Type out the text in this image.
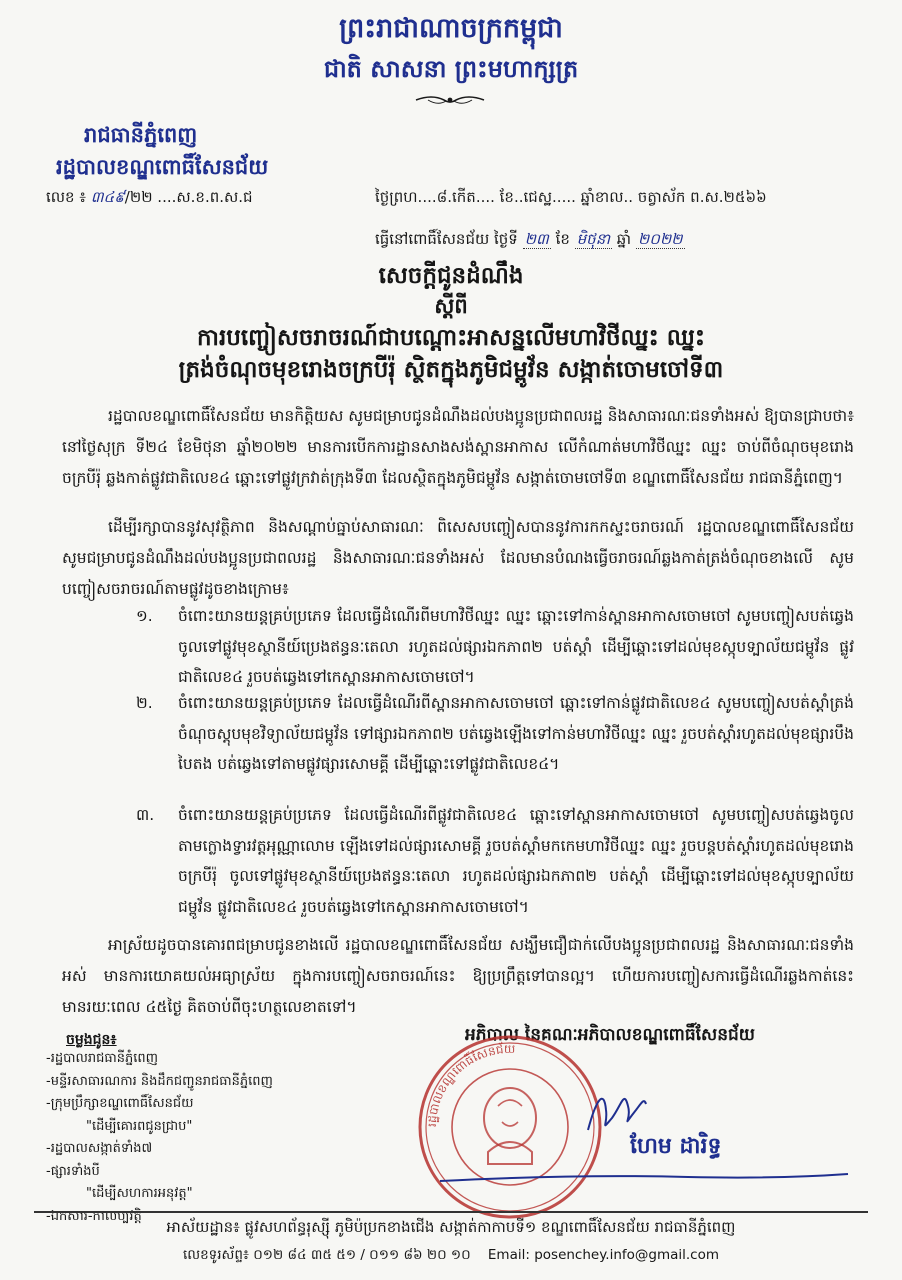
ព្រះរាជាណាចក្រកម្ពុជា
ជាតិ សាសនា ព្រះមហាក្សត្រ
រាជធានីភ្នំពេញ
រដ្ឋបាលខណ្ឌពោធិ៍សែនជ័យ
លេខ ៖ ៣៤៩/២២ ....ស.ខ.ព.ស.ជ	ថ្ងៃព្រហ....៨.កើត.... ខែ..ជេស្ឋ..... ឆ្នាំខាល.. ចត្វាស័ក ព.ស.២៥៦៦
ធ្វើនៅពោធិ៍សែនជ័យ ថ្ងៃទី ២៣ ខែ មិថុនា ឆ្នាំ ២០២២
សេចក្តីជូនដំណឹង
ស្តីពី
ការបញ្ចៀសចរាចរណ៍ជាបណ្តោះអាសន្នលើមហាវិថីឈ្នះ ឈ្នះ
ត្រង់ចំណុចមុខរោងចក្របីរ៉ុ ស្ថិតក្នុងភូមិជម្ពូវ័ន សង្កាត់ចោមចៅទី៣
រដ្ឋបាលខណ្ឌពោធិ៍សែនជ័យ មានកិត្តិយស សូមជម្រាបជូនដំណឹងដល់បងប្អូនប្រជាពលរដ្ឋ និងសាធារណៈជនទាំងអស់ ឱ្យបានជ្រាបថា៖ នៅថ្ងៃសុក្រ ទី២៤ ខែមិថុនា ឆ្នាំ២០២២ មានការបើកការដ្ឋានសាងសង់ស្ពានអាកាស លើកំណាត់មហាវិថីឈ្នះ ឈ្នះ ចាប់ពីចំណុចមុខរោងចក្របីរ៉ុ ឆ្លងកាត់ផ្លូវជាតិលេខ៤ ឆ្ពោះទៅផ្លូវក្រវាត់ក្រុងទី៣ ដែលស្ថិតក្នុងភូមិជម្ពូវ័ន សង្កាត់ចោមចៅទី៣ ខណ្ឌពោធិ៍សែនជ័យ រាជធានីភ្នំពេញ។
ដើម្បីរក្សាបាននូវសុវត្ថិភាព និងសណ្តាប់ធ្នាប់សាធារណៈ ពិសេសបញ្ចៀសបាននូវការកកស្ទះចរាចរណ៍ រដ្ឋបាលខណ្ឌពោធិ៍សែនជ័យ សូមជម្រាបជូនដំណឹងដល់បងប្អូនប្រជាពលរដ្ឋ និងសាធារណៈជនទាំងអស់ ដែលមានបំណងធ្វើចរាចរណ៍ឆ្លងកាត់ត្រង់ចំណុចខាងលើ សូមបញ្ចៀសចរាចរណ៍តាមផ្លូវដូចខាងក្រោម៖
១. ចំពោះយានយន្តគ្រប់ប្រភេទ ដែលធ្វើដំណើរពីមហាវិថីឈ្នះ ឈ្នះ ឆ្ពោះទៅកាន់ស្ពានអាកាសចោមចៅ សូមបញ្ចៀសបត់ឆ្វេង ចូលទៅផ្លូវមុខស្ថានីយ៍ប្រេងឥន្ធនៈតេលា រហូតដល់ផ្សារឯកភាព២ បត់ស្តាំ ដើម្បីឆ្ពោះទៅដល់មុខស្កុបទ្បាល័យជម្ពូវ័ន ផ្លូវជាតិលេខ៤ រួចបត់ឆ្វេងទៅកេស្ពានអាកាសចោមចៅ។
២. ចំពោះយានយន្តគ្រប់ប្រភេទ ដែលធ្វើដំណើរពីស្ពានអាកាសចោមចៅ ឆ្ពោះទៅកាន់ផ្លូវជាតិលេខ៤ សូមបញ្ចៀសបត់ស្តាំត្រង់ចំណុចស្តុបមុខវិទ្យាល័យជម្ពូវ័ន ទៅផ្សារឯកភាព២ បត់ឆ្វេងឡើងទៅកាន់មហាវិថីឈ្នះ ឈ្នះ រួចបត់ស្តាំរហូតដល់មុខផ្សារបឹងបៃតង បត់ឆ្វេងទៅតាមផ្លូវផ្សារសោមគ្គី ដើម្បីឆ្ពោះទៅផ្លូវជាតិលេខ៤។
៣. ចំពោះយានយន្តគ្រប់ប្រភេទ ដែលធ្វើដំណើរពីផ្លូវជាតិលេខ៤ ឆ្ពោះទៅស្ពានអាកាសចោមចៅ សូមបញ្ចៀសបត់ឆ្វេងចូលតាមក្លោងទ្វារវត្តអុណ្ណាលោម ឡើងទៅដល់ផ្សារសោមគ្គី រួចបត់ស្តាំមកកេមហាវិថីឈ្នះ ឈ្នះ រួចបន្តបត់ស្តាំរហូតដល់មុខរោងចក្របីរ៉ុ ចូលទៅផ្លូវមុខស្ថានីយ៍ប្រេងឥន្ធនៈតេលា រហូតដល់ផ្សារឯកភាព២ បត់ស្តាំ ដើម្បីឆ្ពោះទៅដល់មុខស្កុបទ្បាល័យជម្ពូវ័ន ផ្លូវជាតិលេខ៤ រួចបត់ឆ្វេងទៅកេស្ពានអាកាសចោមចៅ។
អាស្រ័យដូចបានគោរពជម្រាបជូនខាងលើ រដ្ឋបាលខណ្ឌពោធិ៍សែនជ័យ សង្ឃឹមជឿជាក់លើបងប្អូនប្រជាពលរដ្ឋ និងសាធារណៈជនទាំងអស់ មានការយោគយល់អធ្យាស្រ័យ ក្នុងការបញ្ចៀសចរាចរណ៍នេះ ឱ្យប្រព្រឹត្តទៅបានល្អ។ ហើយការបញ្ចៀសការធ្វើដំណើរឆ្លងកាត់នេះ មានរយៈពេល ៤៥ថ្ងៃ គិតចាប់ពីចុះហត្ថលេខាតទៅ។
អភិបាល នៃគណៈអភិបាលខណ្ឌពោធិ៍សែនជ័យ
ចម្លងជូន៖
-រដ្ឋបាលរាជធានីភ្នំពេញ
-មន្ទីរសាធារណការ និងដឹកជញ្ជូនរាជធានីភ្នំពេញ
-ក្រុមប្រឹក្សាខណ្ឌពោធិ៍សែនជ័យ
"ដើម្បីគោរពជូនជ្រាប"
-រដ្ឋបាលសង្កាត់ទាំង៧
-ផ្សារទាំងបី
"ដើម្បីសហការអនុវត្ត"
-ឯកសារ-កាលប្បវត្តិ
រដ្ឋបាលខណ្ឌពោធិ៍សែនជ័យ
ហែម ដារិទ្ធ
អាស័យដ្ឋាន៖ ផ្លូវសហព័ន្ធរុស្ស៊ី ភូមិប៉ប្រកខាងជើង សង្កាត់កាកាបទី១ ខណ្ឌពោធិ៍សែនជ័យ រាជធានីភ្នំពេញ
លេខទូរស័ព្ទ៖ ០១២ ៨៤ ៣៥ ៥១ / ០១១ ៨៦ ២០ ១០ Email: posenchey.info@gmail.com
